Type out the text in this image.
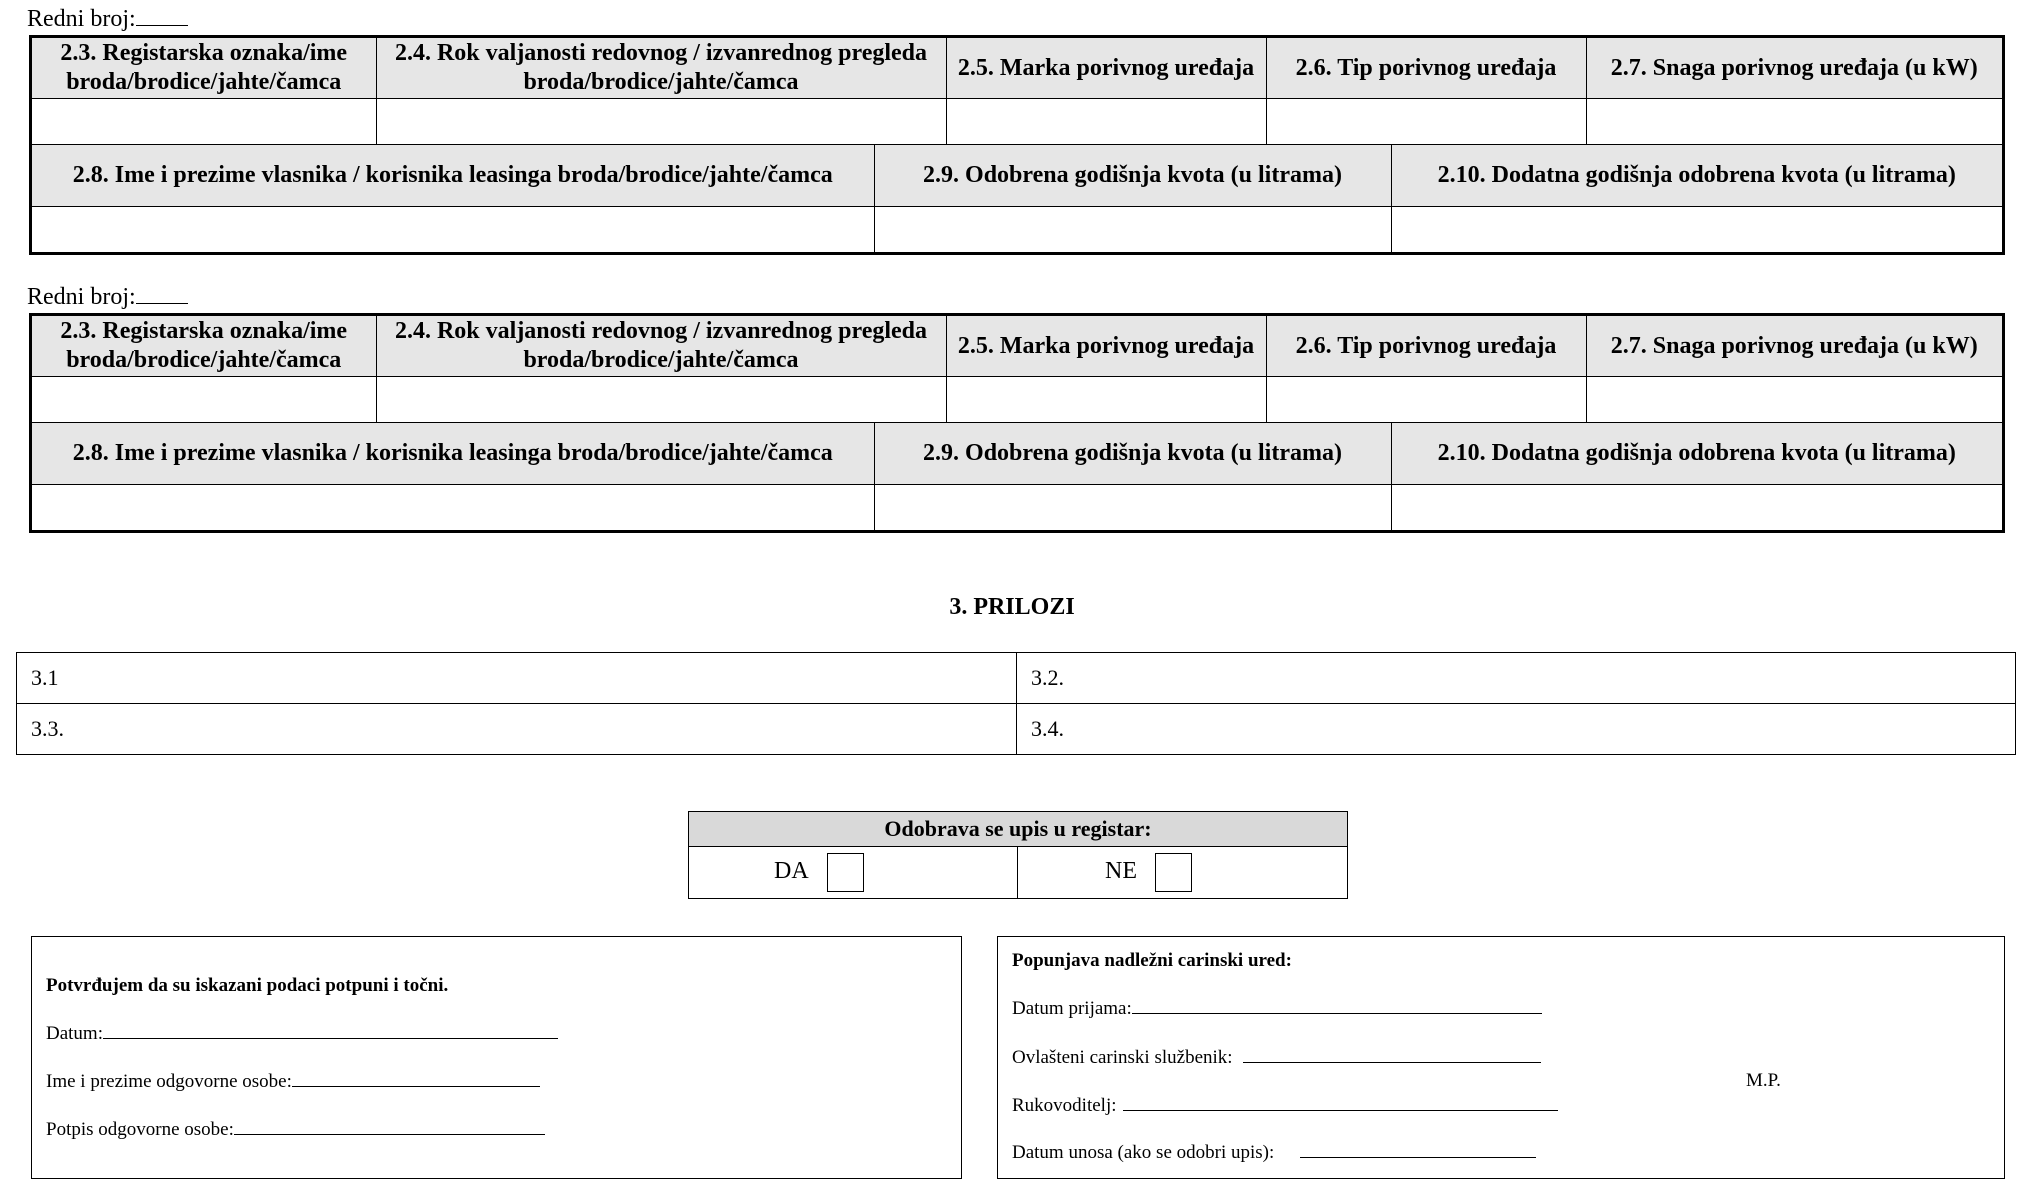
Redni broj:
2.3. Registarska oznaka/ime broda/brodice/jahte/čamca	2.4. Rok valjanosti redovnog / izvanrednog pregleda broda/brodice/jahte/čamca	2.5. Marka porivnog uređaja	2.6. Tip porivnog uređaja	2.7. Snaga porivnog uređaja (u kW)

2.8. Ime i prezime vlasnika / korisnika leasinga broda/brodice/jahte/čamca	2.9. Odobrena godišnja kvota (u litrama)	2.10. Dodatna godišnja odobrena kvota (u litrama)

Redni broj:
2.3. Registarska oznaka/ime broda/brodice/jahte/čamca	2.4. Rok valjanosti redovnog / izvanrednog pregleda broda/brodice/jahte/čamca	2.5. Marka porivnog uređaja	2.6. Tip porivnog uređaja	2.7. Snaga porivnog uređaja (u kW)

2.8. Ime i prezime vlasnika / korisnika leasinga broda/brodice/jahte/čamca	2.9. Odobrena godišnja kvota (u litrama)	2.10. Dodatna godišnja odobrena kvota (u litrama)

3. PRILOZI
3.1	3.2.
3.3.	3.4.
Odobrava se upis u registar:
DA	NE
Potvrđujem da su iskazani podaci potpuni i točni.
Datum:
Ime i prezime odgovorne osobe:
Potpis odgovorne osobe:
Popunjava nadležni carinski ured:
Datum prijama:
Ovlašteni carinski službenik:
Rukovoditelj:
Datum unosa (ako se odobri upis):
M.P.
